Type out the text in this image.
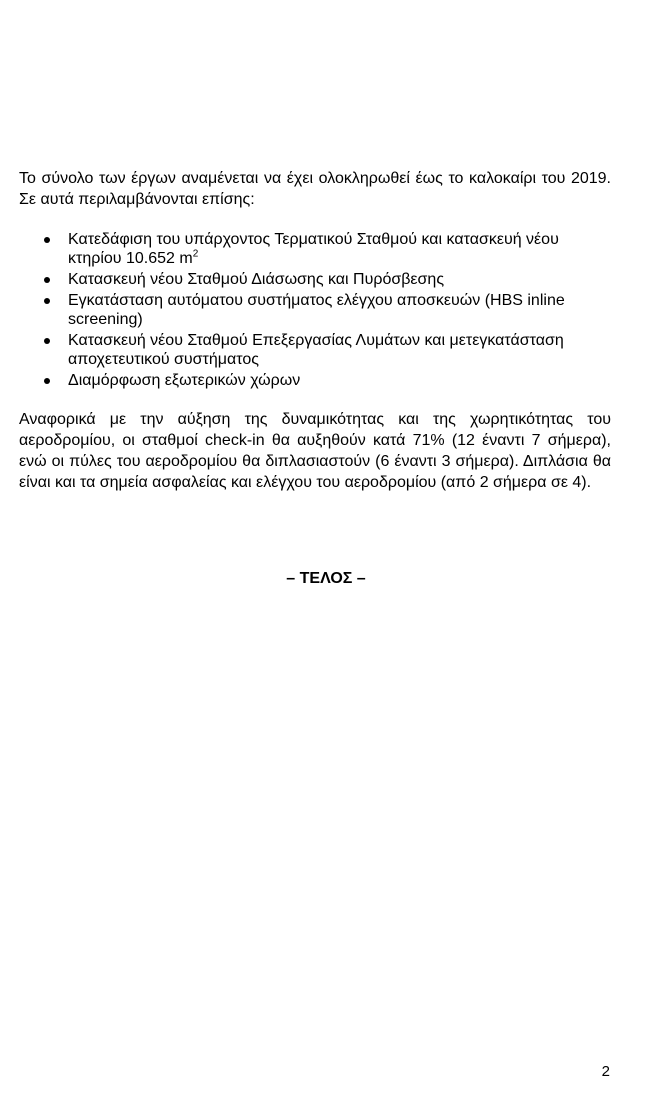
Το σύνολο των έργων αναμένεται να έχει ολοκληρωθεί έως το καλοκαίρι του 2019. Σε αυτά περιλαμβάνονται επίσης:

Κατεδάφιση του υπάρχοντος Τερματικού Σταθμού και κατασκευή νέου κτηρίου 10.652 $m^2$
Κατασκευή νέου Σταθμού Διάσωσης και Πυρόσβεσης
Εγκατάσταση αυτόματου συστήματος ελέγχου αποσκευών (HBS inline screening)
Κατασκευή νέου Σταθμού Επεξεργασίας Λυμάτων και μετεγκατάσταση αποχετευτικού συστήματος
Διαμόρφωση εξωτερικών χώρων

Αναφορικά με την αύξηση της δυναμικότητας και της χωρητικότητας του αεροδρομίου, οι σταθμοί check-in θα αυξηθούν κατά 71% (12 έναντι 7 σήμερα), ενώ οι πύλες του αεροδρομίου θα διπλασιαστούν (6 έναντι 3 σήμερα). Διπλάσια θα είναι και τα σημεία ασφαλείας και ελέγχου του αεροδρομίου (από 2 σήμερα σε 4).

– ΤΕΛΟΣ –
2
